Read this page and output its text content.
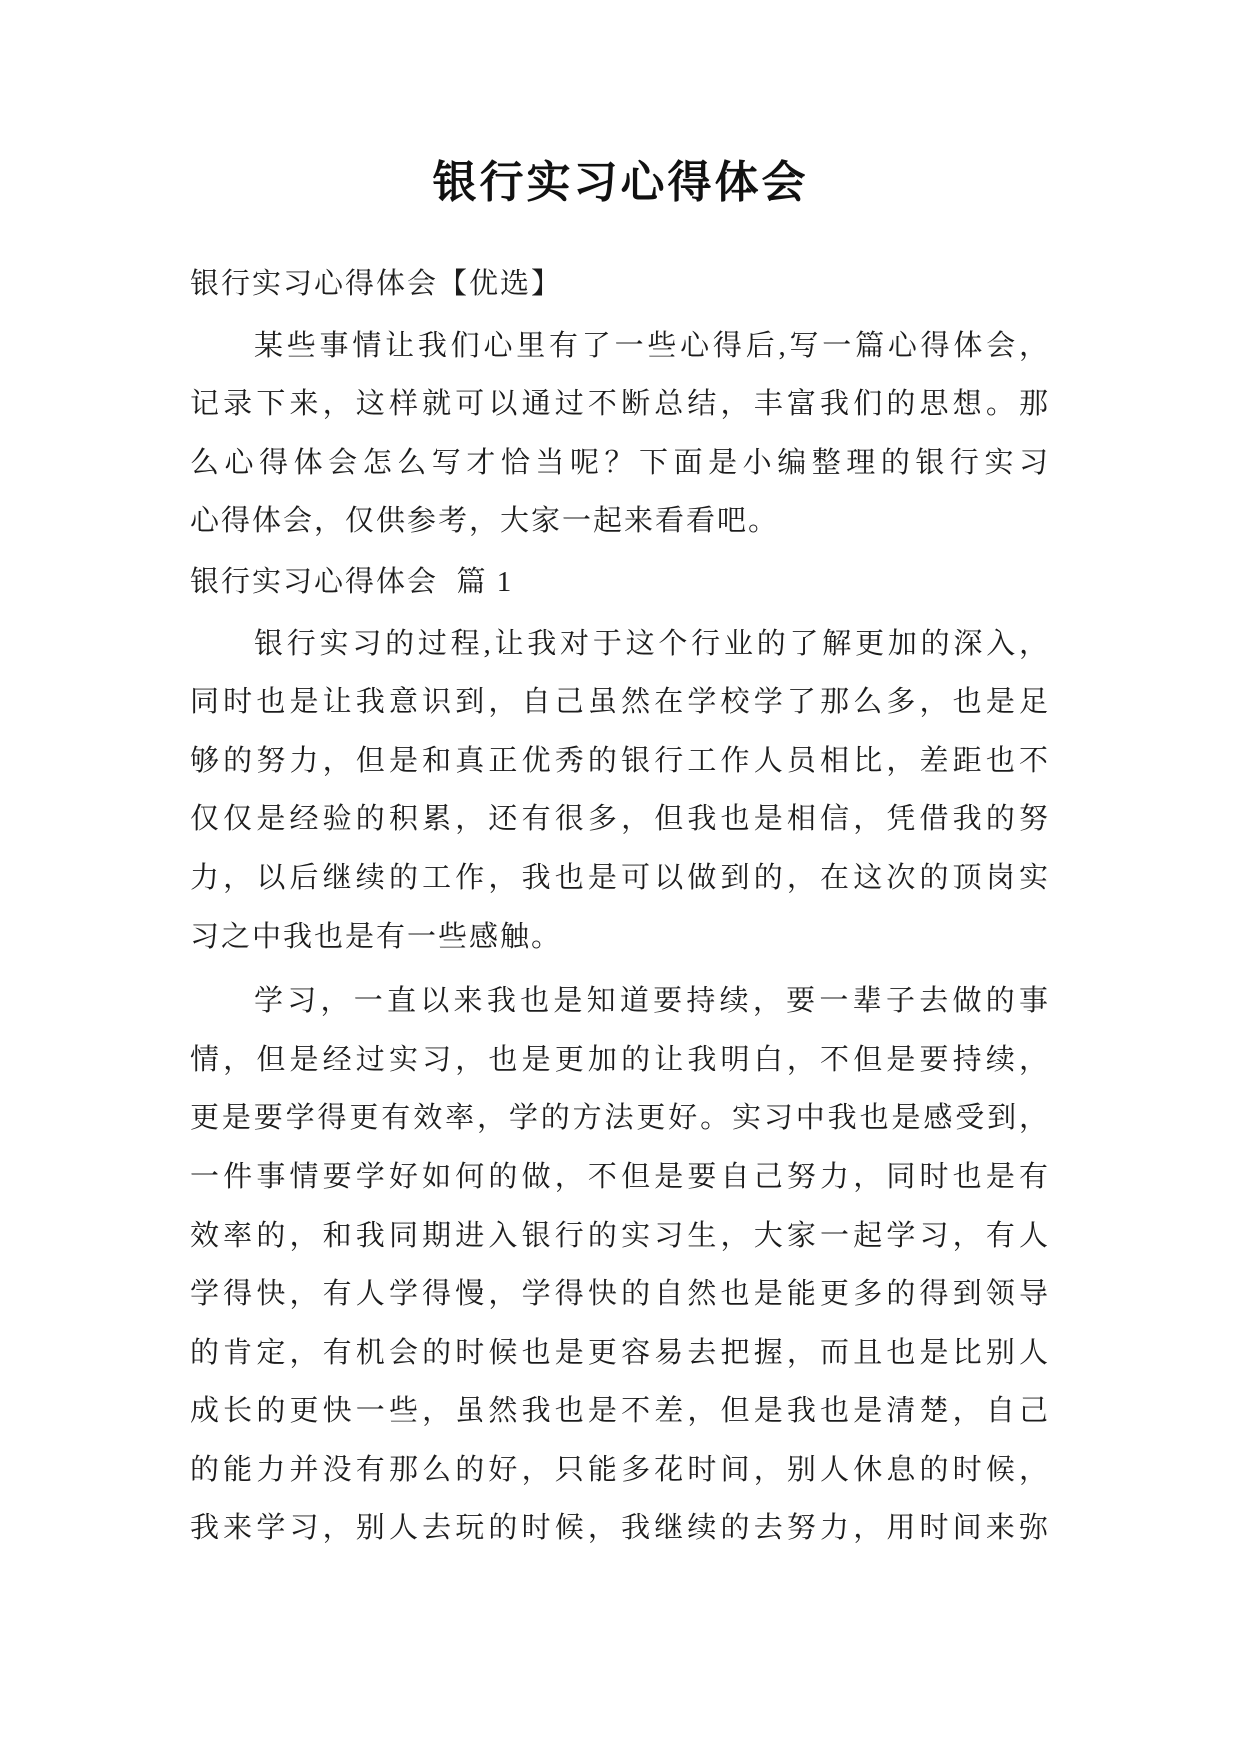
银行实习心得体会
银行实习心得体会【优选】
某些事情让我们心里有了一些心得后,写一篇心得体会，
记录下来，这样就可以通过不断总结，丰富我们的思想。那
么心得体会怎么写才恰当呢？下面是小编整理的银行实习
心得体会，仅供参考，大家一起来看看吧。
银行实习心得体会  篇 1
银行实习的过程,让我对于这个行业的了解更加的深入，
同时也是让我意识到，自己虽然在学校学了那么多，也是足
够的努力，但是和真正优秀的银行工作人员相比，差距也不
仅仅是经验的积累，还有很多，但我也是相信，凭借我的努
力，以后继续的工作，我也是可以做到的，在这次的顶岗实
习之中我也是有一些感触。
学习，一直以来我也是知道要持续，要一辈子去做的事
情，但是经过实习，也是更加的让我明白，不但是要持续，
更是要学得更有效率，学的方法更好。实习中我也是感受到，
一件事情要学好如何的做，不但是要自己努力，同时也是有
效率的，和我同期进入银行的实习生，大家一起学习，有人
学得快，有人学得慢，学得快的自然也是能更多的得到领导
的肯定，有机会的时候也是更容易去把握，而且也是比别人
成长的更快一些，虽然我也是不差，但是我也是清楚，自己
的能力并没有那么的好，只能多花时间，别人休息的时候，
我来学习，别人去玩的时候，我继续的去努力，用时间来弥
